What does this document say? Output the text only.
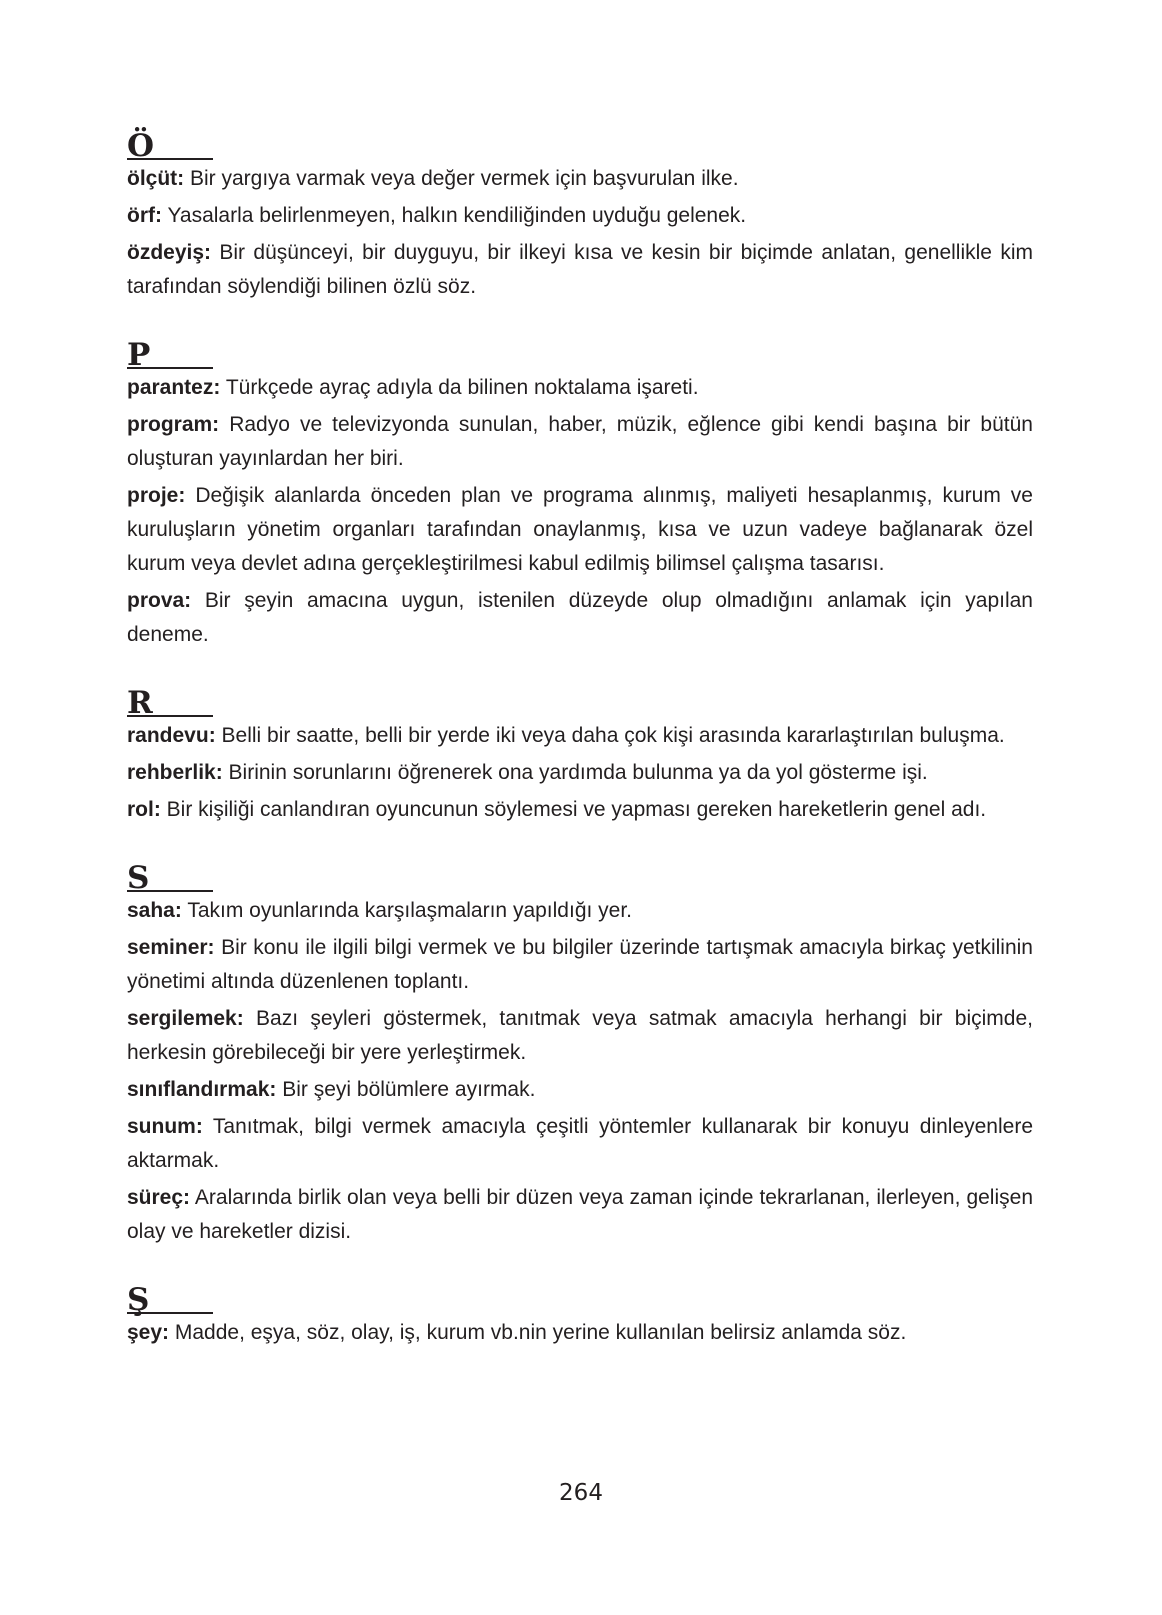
Ö

ölçüt: Bir yargıya varmak veya değer vermek için başvurulan ilke.

örf: Yasalarla belirlenmeyen, halkın kendiliğinden uyduğu gelenek.

özdeyiş: Bir düşünceyi, bir duyguyu, bir ilkeyi kısa ve kesin bir biçimde anlatan, genellikle kim tarafından söylendiği bilinen özlü söz.

P

parantez: Türkçede ayraç adıyla da bilinen noktalama işareti.

program: Radyo ve televizyonda sunulan, haber, müzik, eğlence gibi kendi başına bir bütün oluşturan yayınlardan her biri.

proje: Değişik alanlarda önceden plan ve programa alınmış, maliyeti hesaplanmış, kurum ve kuruluşların yönetim organları tarafından onaylanmış, kısa ve uzun vadeye bağlanarak özel kurum veya devlet adına gerçekleştirilmesi kabul edilmiş bilimsel çalışma tasarısı.

prova: Bir şeyin amacına uygun, istenilen düzeyde olup olmadığını anlamak için yapılan deneme.

R

randevu: Belli bir saatte, belli bir yerde iki veya daha çok kişi arasında kararlaştırılan buluşma.

rehberlik: Birinin sorunlarını öğrenerek ona yardımda bulunma ya da yol gösterme işi.

rol: Bir kişiliği canlandıran oyuncunun söylemesi ve yapması gereken hareketlerin genel adı.

S

saha: Takım oyunlarında karşılaşmaların yapıldığı yer.

seminer: Bir konu ile ilgili bilgi vermek ve bu bilgiler üzerinde tartışmak amacıyla birkaç yetkilinin yönetimi altında düzenlenen toplantı.

sergilemek: Bazı şeyleri göstermek, tanıtmak veya satmak amacıyla herhangi bir biçimde, herkesin görebileceği bir yere yerleştirmek.

sınıflandırmak: Bir şeyi bölümlere ayırmak.

sunum: Tanıtmak, bilgi vermek amacıyla çeşitli yöntemler kullanarak bir konuyu dinleyenlere aktarmak.

süreç: Aralarında birlik olan veya belli bir düzen veya zaman içinde tekrarlanan, ilerleyen, gelişen olay ve hareketler dizisi.

Ş

şey: Madde, eşya, söz, olay, iş, kurum vb.nin yerine kullanılan belirsiz anlamda söz.

264
